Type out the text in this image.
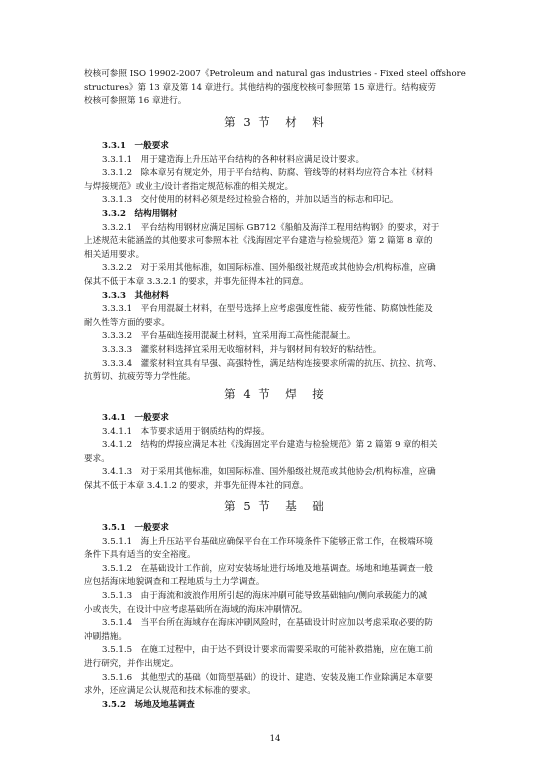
校核可参照 ISO 19902-2007《Petroleum and natural gas industries - Fixed steel offshore

structures》第 13 章及第 14 章进行。其他结构的强度校核可参照第 15 章进行。结构疲劳

校核可参照第 16 章进行。

第 3 节　材　料

3.3.1　一般要求

3.3.1.1　用于建造海上升压站平台结构的各种材料应满足设计要求。

3.3.1.2　除本章另有规定外，用于平台结构、防腐、管线等的材料均应符合本社《材料

与焊接规范》或业主/设计者指定规范标准的相关规定。

3.3.1.3　交付使用的材料必须是经过检验合格的，并加以适当的标志和印记。

3.3.2　结构用钢材

3.3.2.1　平台结构用钢材应满足国标 GB712《船舶及海洋工程用结构钢》的要求，对于

上述规范未能涵盖的其他要求可参照本社《浅海固定平台建造与检验规范》第 2 篇第 8 章的

相关适用要求。

3.3.2.2　对于采用其他标准，如国际标准、国外船级社规范或其他协会/机构标准，应确

保其不低于本章 3.3.2.1 的要求，并事先征得本社的同意。

3.3.3　其他材料

3.3.3.1　平台用混凝土材料，在型号选择上应考虑强度性能、疲劳性能、防腐蚀性能及

耐久性等方面的要求。

3.3.3.2　平台基础连接用混凝土材料，宜采用海工高性能混凝土。

3.3.3.3　灌浆材料选择宜采用无收缩材料，并与钢材间有较好的粘结性。

3.3.3.4　灌浆材料宜具有早强、高强特性，满足结构连接要求所需的抗压、抗拉、抗弯、

抗剪切、抗疲劳等力学性能。

第 4 节　焊　接

3.4.1　一般要求

3.4.1.1　本节要求适用于钢质结构的焊接。

3.4.1.2　结构的焊接应满足本社《浅海固定平台建造与检验规范》第 2 篇第 9 章的相关

要求。

3.4.1.3　对于采用其他标准，如国际标准、国外船级社规范或其他协会/机构标准，应确

保其不低于本章 3.4.1.2 的要求，并事先征得本社的同意。

第 5 节　基　础

3.5.1　一般要求

3.5.1.1　海上升压站平台基础应确保平台在工作环境条件下能够正常工作，在极端环境

条件下具有适当的安全裕度。

3.5.1.2　在基础设计工作前，应对安装场址进行场地及地基调查。场地和地基调查一般

应包括海床地貌调查和工程地质与土力学调查。

3.5.1.3　由于海流和波浪作用所引起的海床冲刷可能导致基础轴向/侧向承载能力的减

小或丧失，在设计中应考虑基础所在海域的海床冲刷情况。

3.5.1.4　当平台所在海域存在海床冲刷风险时，在基础设计时应加以考虑采取必要的防

冲刷措施。

3.5.1.5　在施工过程中，由于达不到设计要求而需要采取的可能补救措施，应在施工前

进行研究，并作出规定。

3.5.1.6　其他型式的基础（如筒型基础）的设计、建造、安装及施工作业除满足本章要

求外，还应满足公认规范和技术标准的要求。

3.5.2　场地及地基调查

14
